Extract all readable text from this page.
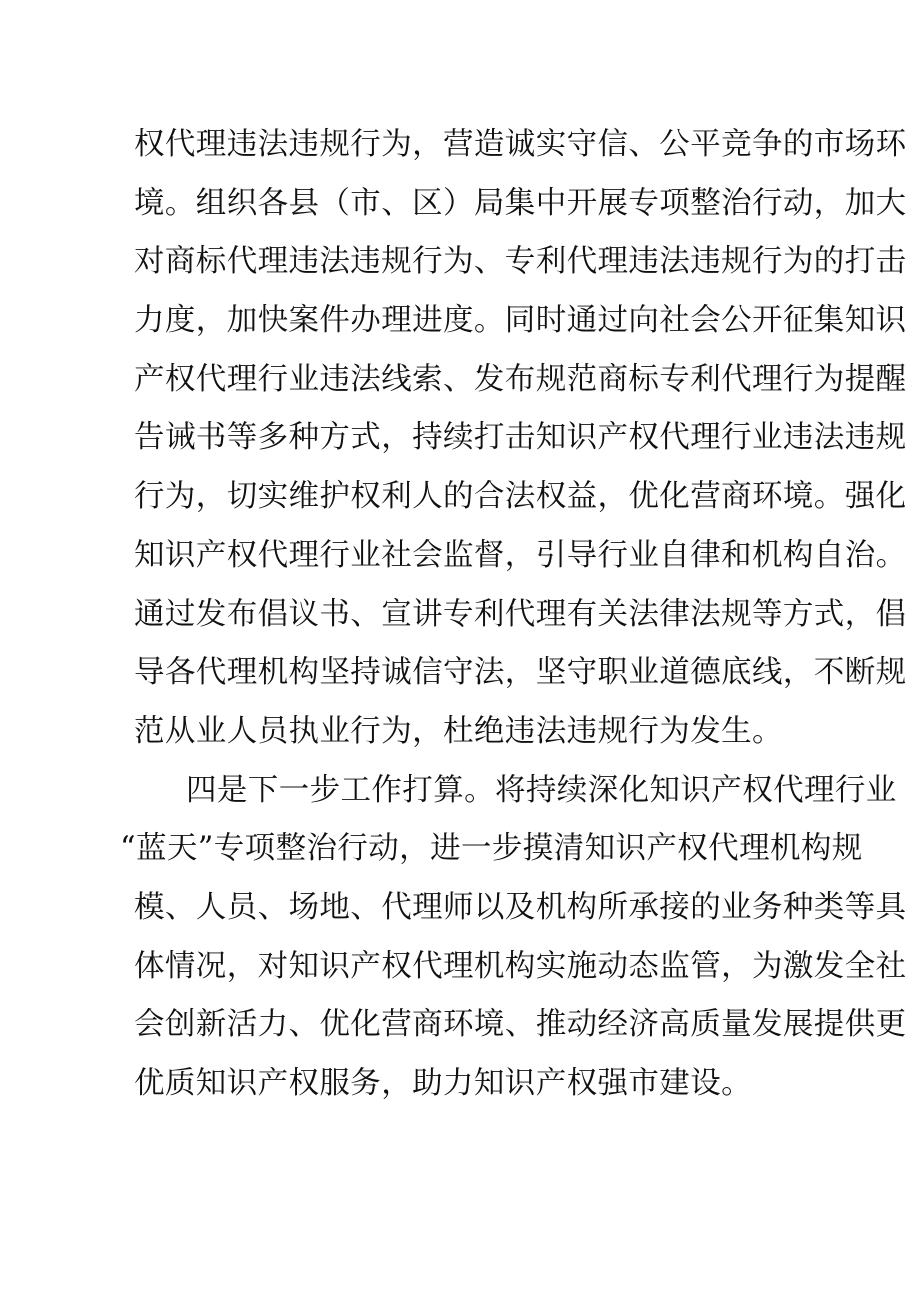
权代理违法违规行为，营造诚实守信、公平竞争的市场环
境。组织各县（市、区）局集中开展专项整治行动，加大
对商标代理违法违规行为、专利代理违法违规行为的打击
力度，加快案件办理进度。同时通过向社会公开征集知识
产权代理行业违法线索、发布规范商标专利代理行为提醒
告诫书等多种方式，持续打击知识产权代理行业违法违规
行为，切实维护权利人的合法权益，优化营商环境。强化
知识产权代理行业社会监督，引导行业自律和机构自治。
通过发布倡议书、宣讲专利代理有关法律法规等方式，倡
导各代理机构坚持诚信守法，坚守职业道德底线，不断规
范从业人员执业行为，杜绝违法违规行为发生。
四是下一步工作打算。将持续深化知识产权代理行业
“蓝天”专项整治行动，进一步摸清知识产权代理机构规
模、人员、场地、代理师以及机构所承接的业务种类等具
体情况，对知识产权代理机构实施动态监管，为激发全社
会创新活力、优化营商环境、推动经济高质量发展提供更
优质知识产权服务，助力知识产权强市建设。
